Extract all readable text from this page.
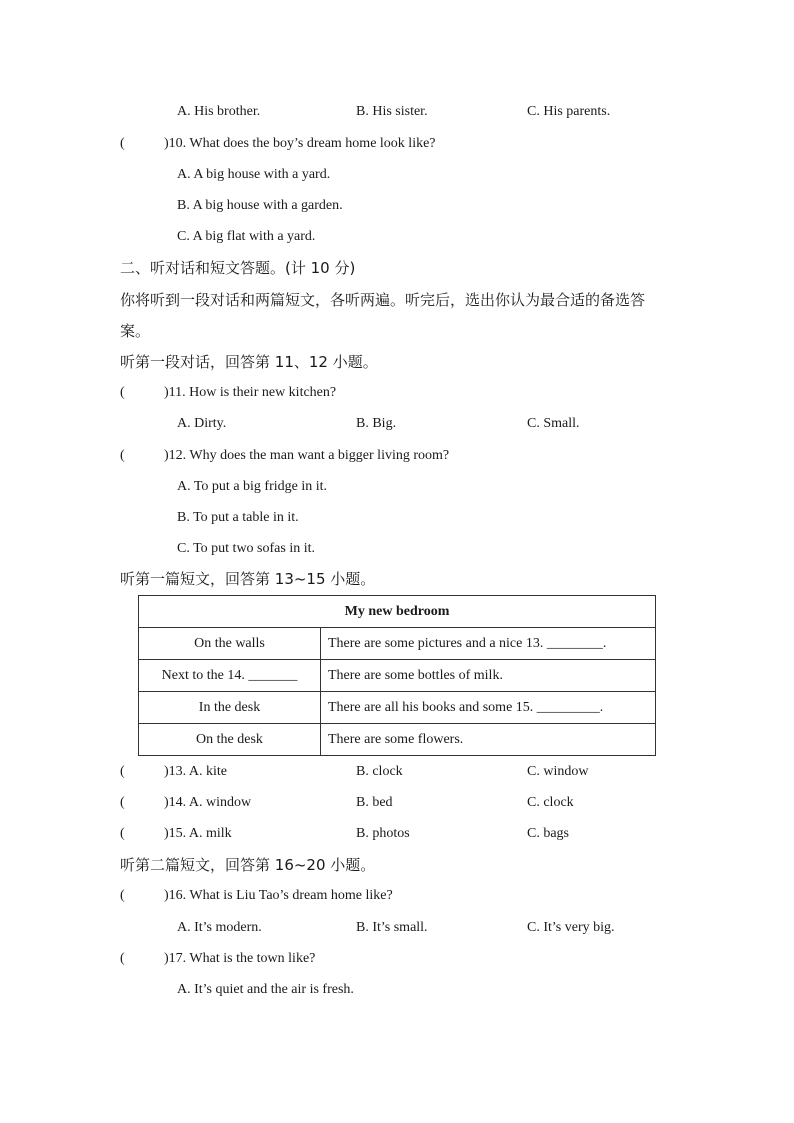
A. His brother.	B. His sister.	C. His parents.
(	)10. What does the boy’s dream home look like?
A. A big house with a yard.
B. A big house with a garden.
C. A big flat with a yard.
二、听对话和短文答题。(计 10 分)
你将听到一段对话和两篇短文，各听两遍。听完后，选出你认为最合适的备选答
案。
听第一段对话，回答第 11、12 小题。
(	)11. How is their new kitchen?
A. Dirty.	B. Big.	C. Small.
(	)12. Why does the man want a bigger living room?
A. To put a big fridge in it.
B. To put a table in it.
C. To put two sofas in it.
听第一篇短文，回答第 13~15 小题。
My new bedroom	
On the walls	There are some pictures and a nice 13. ________.
Next to the 14. _______	There are some bottles of milk.
In the desk	There are all his books and some 15. _________.
On the desk	There are some flowers.
(	)13. A. kite	B. clock	C. window
(	)14. A. window	B. bed	C. clock
(	)15. A. milk	B. photos	C. bags
听第二篇短文，回答第 16~20 小题。
(	)16. What is Liu Tao’s dream home like?
A. It’s modern.	B. It’s small.	C. It’s very big.
(	)17. What is the town like?
A. It’s quiet and the air is fresh.
